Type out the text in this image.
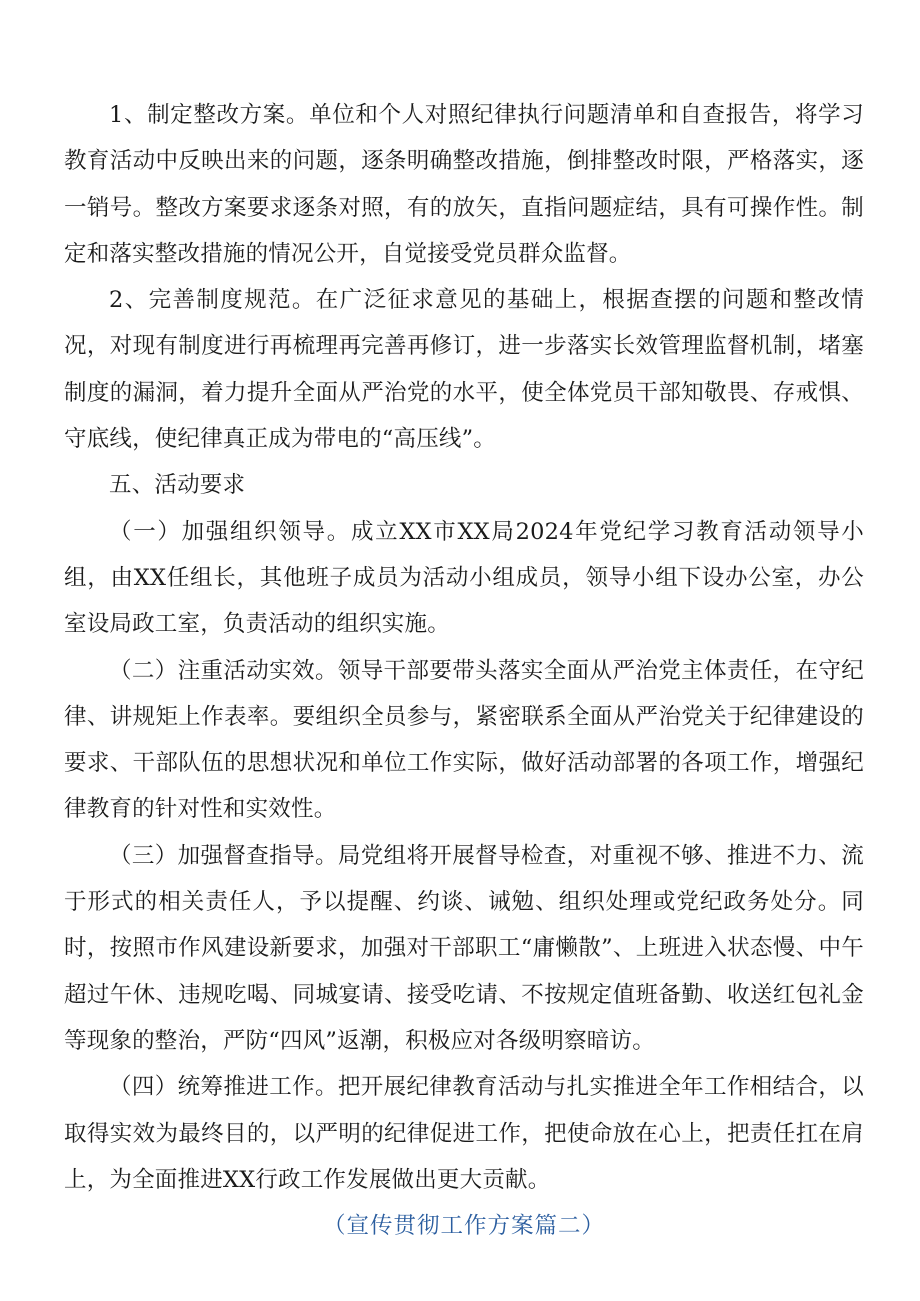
1、制定整改方案。单位和个人对照纪律执行问题清单和自查报告，将学习教育活动中反映出来的问题，逐条明确整改措施，倒排整改时限，严格落实，逐一销号。整改方案要求逐条对照，有的放矢，直指问题症结，具有可操作性。制定和落实整改措施的情况公开，自觉接受党员群众监督。

2、完善制度规范。在广泛征求意见的基础上，根据查摆的问题和整改情况，对现有制度进行再梳理再完善再修订，进一步落实长效管理监督机制，堵塞制度的漏洞，着力提升全面从严治党的水平，使全体党员干部知敬畏、存戒惧、守底线，使纪律真正成为带电的“高压线”。

五、活动要求

（一）加强组织领导。成立XX市XX局2024年党纪学习教育活动领导小组，由XX任组长，其他班子成员为活动小组成员，领导小组下设办公室，办公室设局政工室，负责活动的组织实施。

（二）注重活动实效。领导干部要带头落实全面从严治党主体责任，在守纪律、讲规矩上作表率。要组织全员参与，紧密联系全面从严治党关于纪律建设的要求、干部队伍的思想状况和单位工作实际，做好活动部署的各项工作，增强纪律教育的针对性和实效性。

（三）加强督查指导。局党组将开展督导检查，对重视不够、推进不力、流于形式的相关责任人，予以提醒、约谈、诫勉、组织处理或党纪政务处分。同时，按照市作风建设新要求，加强对干部职工“庸懒散”、上班进入状态慢、中午超过午休、违规吃喝、同城宴请、接受吃请、不按规定值班备勤、收送红包礼金等现象的整治，严防“四风”返潮，积极应对各级明察暗访。

（四）统筹推进工作。把开展纪律教育活动与扎实推进全年工作相结合，以取得实效为最终目的，以严明的纪律促进工作，把使命放在心上，把责任扛在肩上，为全面推进XX行政工作发展做出更大贡献。

（宣传贯彻工作方案篇二）
